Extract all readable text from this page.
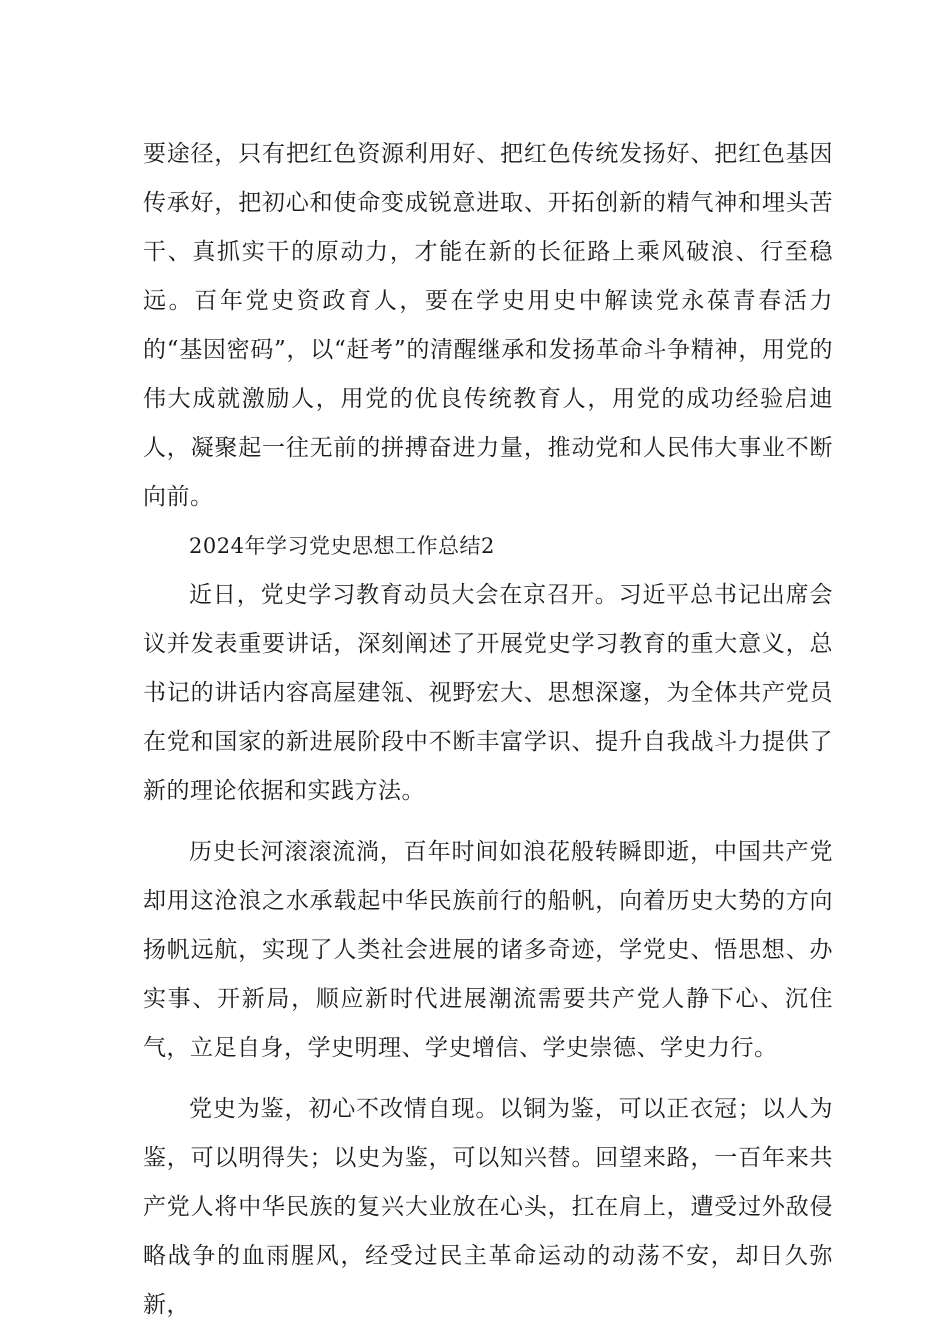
要途径，只有把红色资源利用好、把红色传统发扬好、把红色基因传承好，把初心和使命变成锐意进取、开拓创新的精气神和埋头苦干、真抓实干的原动力，才能在新的长征路上乘风破浪、行至稳远。百年党史资政育人，要在学史用史中解读党永葆青春活力的“基因密码”，以“赶考”的清醒继承和发扬革命斗争精神，用党的伟大成就激励人，用党的优良传统教育人，用党的成功经验启迪人，凝聚起一往无前的拼搏奋进力量，推动党和人民伟大事业不断向前。

2024年学习党史思想工作总结2

近日，党史学习教育动员大会在京召开。习近平总书记出席会议并发表重要讲话，深刻阐述了开展党史学习教育的重大意义，总书记的讲话内容高屋建瓴、视野宏大、思想深邃，为全体共产党员在党和国家的新进展阶段中不断丰富学识、提升自我战斗力提供了新的理论依据和实践方法。

历史长河滚滚流淌，百年时间如浪花般转瞬即逝，中国共产党却用这沧浪之水承载起中华民族前行的船帆，向着历史大势的方向扬帆远航，实现了人类社会进展的诸多奇迹，学党史、悟思想、办实事、开新局，顺应新时代进展潮流需要共产党人静下心、沉住气，立足自身，学史明理、学史增信、学史崇德、学史力行。

党史为鉴，初心不改情自现。以铜为鉴，可以正衣冠；以人为鉴，可以明得失；以史为鉴，可以知兴替。回望来路，一百年来共产党人将中华民族的复兴大业放在心头，扛在肩上，遭受过外敌侵略战争的血雨腥风，经受过民主革命运动的动荡不安，却日久弥新，
